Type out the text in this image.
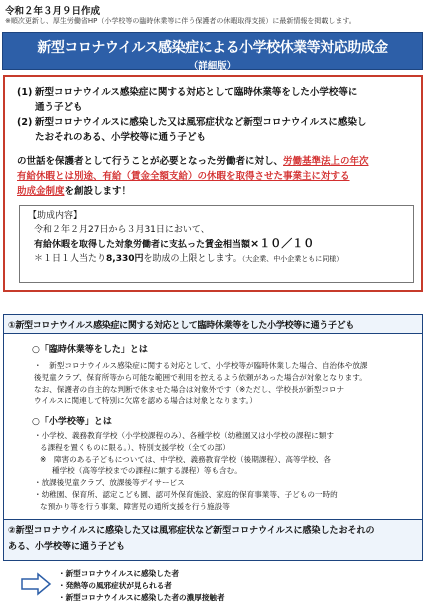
令和２年３月９日作成
※順次更新し、厚生労働省HP（小学校等の臨時休業等に伴う保護者の休暇取得支援）に最新情報を掲載します。
新型コロナウイルス感染症による小学校休業等対応助成金
（詳細版）
(1) 新型コロナウイルス感染症に関する対応として臨時休業等をした小学校等に
通う子ども
(2) 新型コロナウイルスに感染した又は風邪症状など新型コロナウイルスに感染し
たおそれのある、小学校等に通う子ども
の世話を保護者として行うことが必要となった労働者に対し、労働基準法上の年次
有給休暇とは別途、有給（賃金全額支給）の休暇を取得させた事業主に対する
助成金制度を創設します！
【助成内容】
令和２年２月27日から３月31日において、
有給休暇を取得した対象労働者に支払った賃金相当額×１０／１０
＊１日１人当たり8,330円を助成の上限とします。（大企業、中小企業ともに同様）
①新型コロナウイルス感染症に関する対応として臨時休業等をした小学校等に通う子ども
○「臨時休業等をした」とは
・　新型コロナウイルス感染症に関する対応として、小学校等が臨時休業した場合、自治体や放課
後児童クラブ、保育所等から可能な範囲で利用を控えるよう依頼があった場合が対象となります。
なお、保護者の自主的な判断で休ませた場合は対象外です（※ただし、学校長が新型コロナ
ウイルスに関連して特別に欠席を認める場合は対象となります。）
○「小学校等」とは
・小学校、義務教育学校（小学校課程のみ）、各種学校（幼稚園又は小学校の課程に類す
る課程を置くものに限る。）、特別支援学校（全ての部）
※　障害のある子どもについては、中学校、義務教育学校（後期課程）、高等学校、各
種学校（高等学校までの課程に類する課程）等も含む。
・放課後児童クラブ、放課後等デイサービス
・幼稚園、保育所、認定こども園、認可外保育施設、家庭的保育事業等、子どもの一時的
な預かり等を行う事業、障害児の通所支援を行う施設等
②新型コロナウイルスに感染した又は風邪症状など新型コロナウイルスに感染したおそれの
ある、小学校等に通う子ども
・新型コロナウイルスに感染した者
・発熱等の風邪症状が見られる者
・新型コロナウイルスに感染した者の濃厚接触者
